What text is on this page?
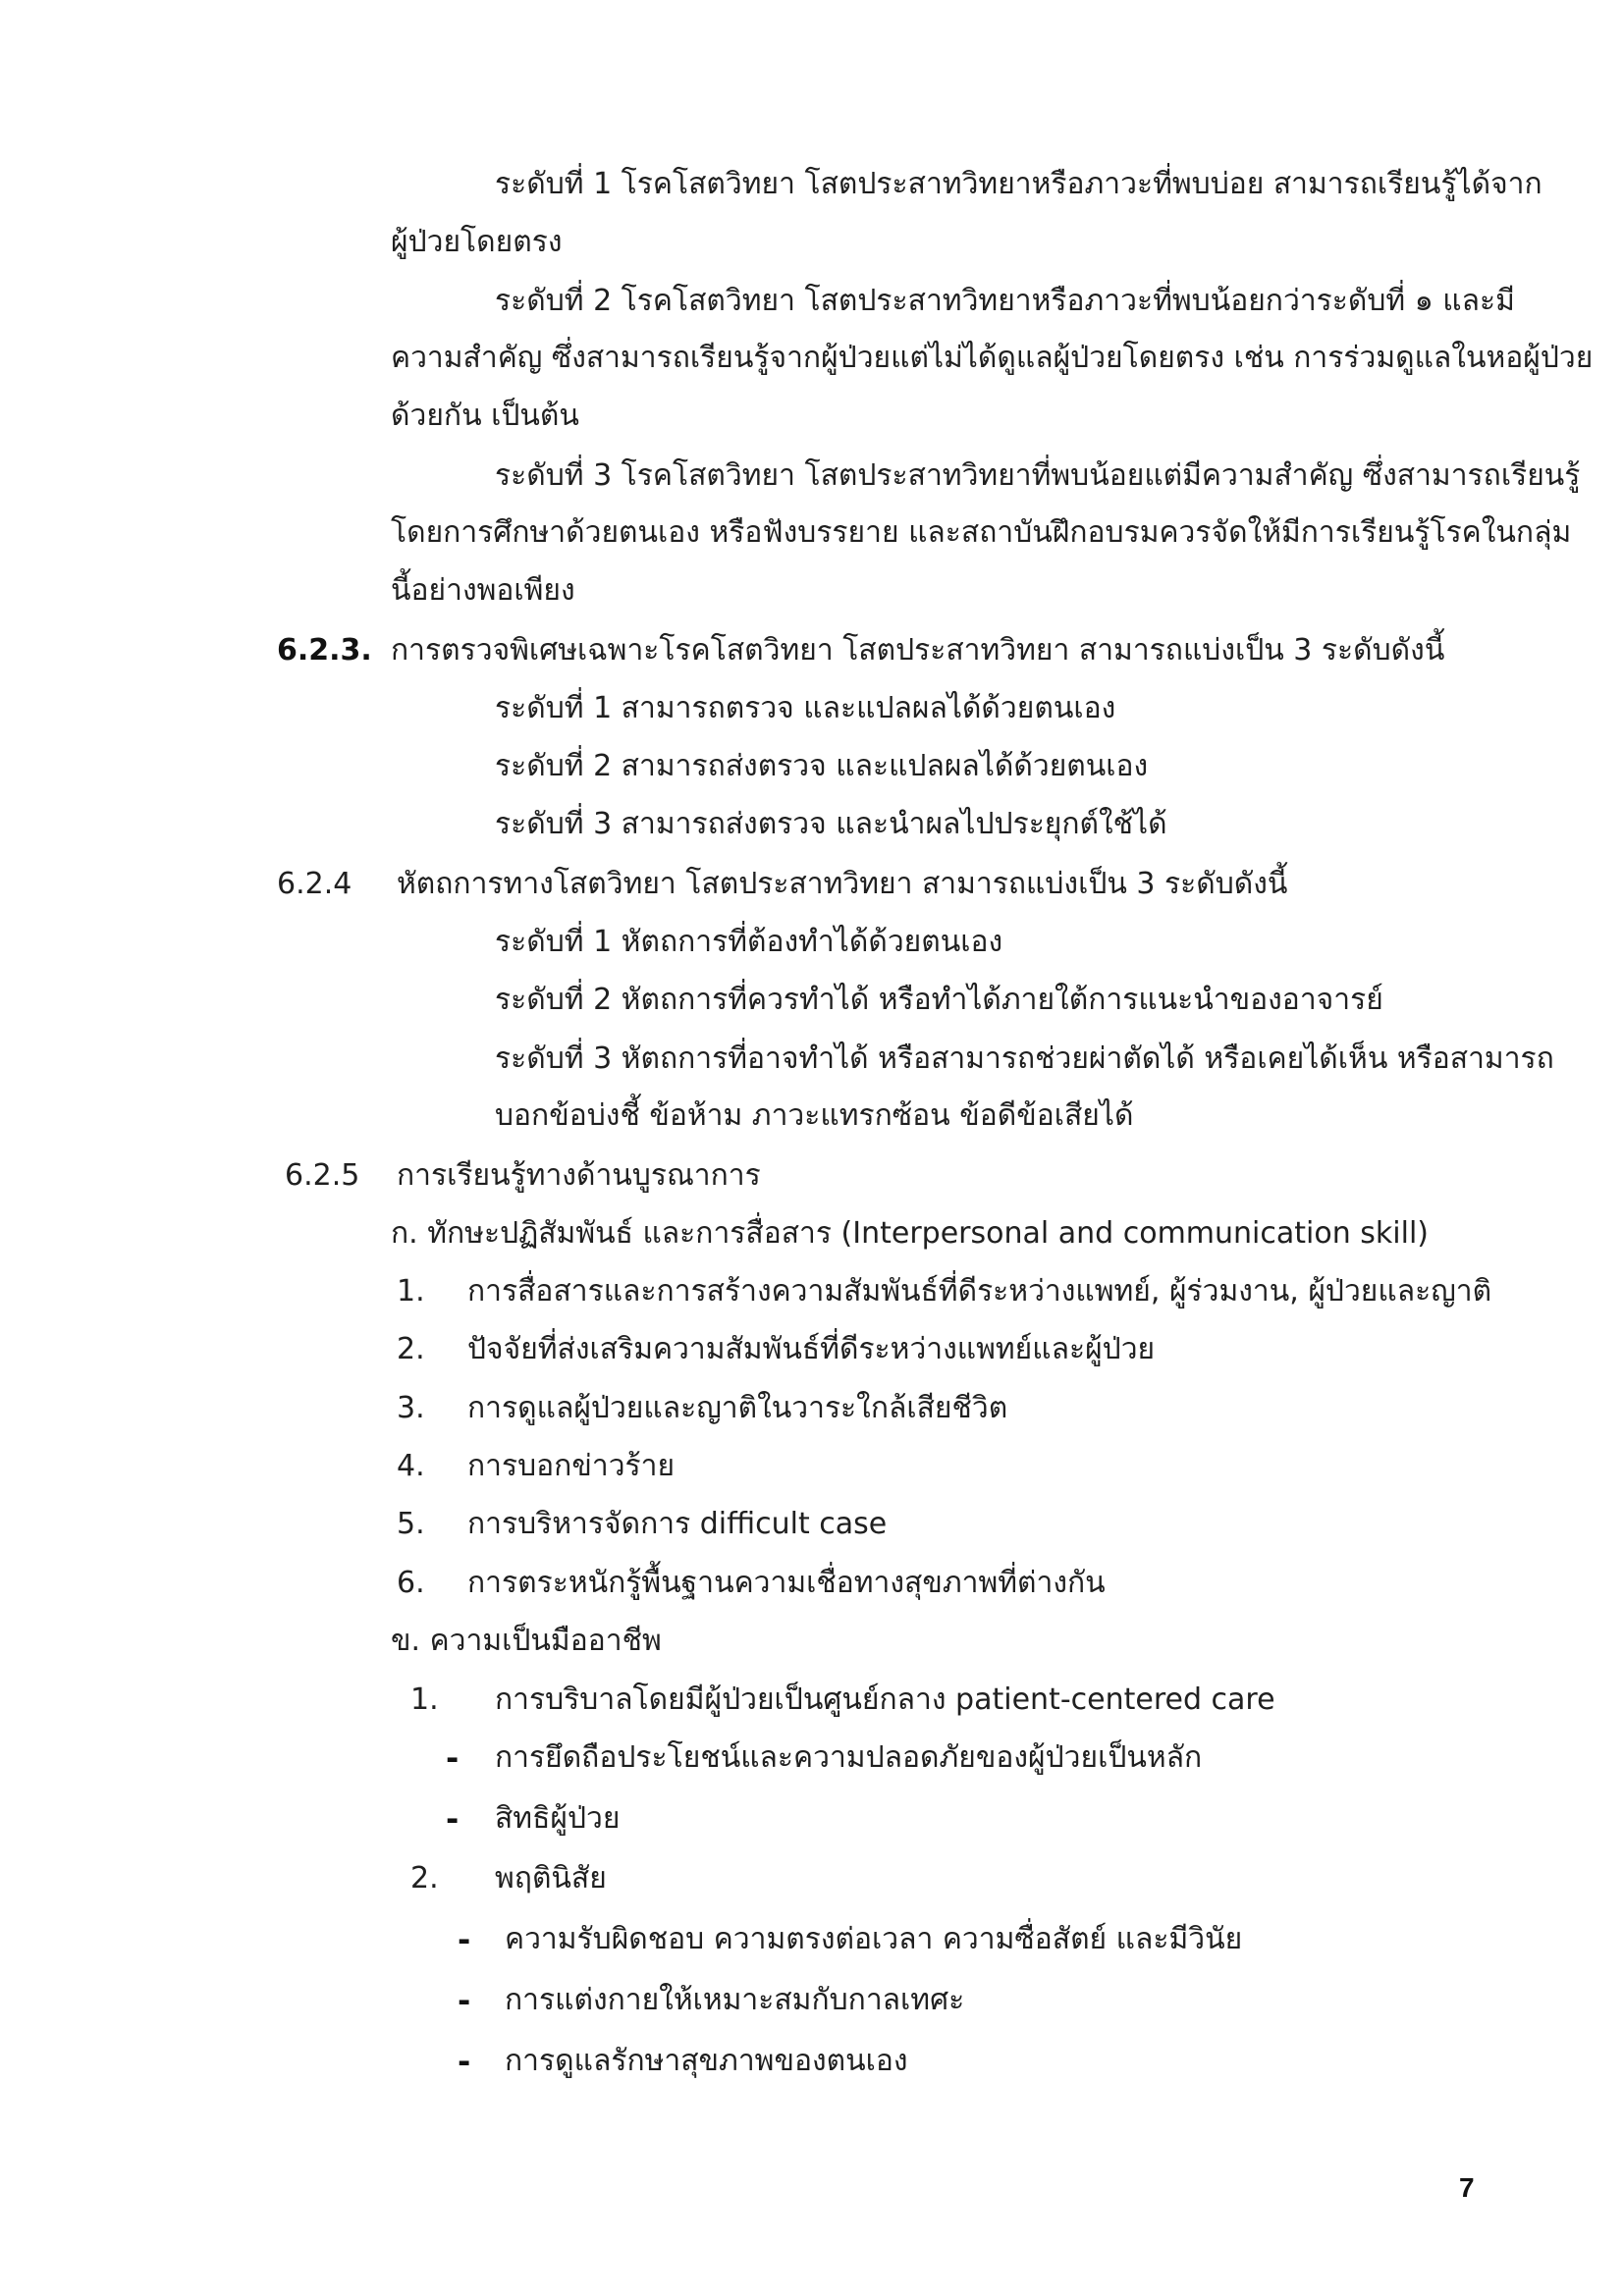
ระดับที่ 1 โรคโสตวิทยา โสตประสาทวิทยาหรือภาวะที่พบบ่อย สามารถเรียนรู้ได้จาก
ผู้ป่วยโดยตรง
ระดับที่ 2 โรคโสตวิทยา โสตประสาทวิทยาหรือภาวะที่พบน้อยกว่าระดับที่ ๑ และมี
ความสำคัญ ซึ่งสามารถเรียนรู้จากผู้ป่วยแต่ไม่ได้ดูแลผู้ป่วยโดยตรง เช่น การร่วมดูแลในหอผู้ป่วย
ด้วยกัน เป็นต้น
ระดับที่ 3 โรคโสตวิทยา โสตประสาทวิทยาที่พบน้อยแต่มีความสำคัญ ซึ่งสามารถเรียนรู้
โดยการศึกษาด้วยตนเอง หรือฟังบรรยาย และสถาบันฝึกอบรมควรจัดให้มีการเรียนรู้โรคในกลุ่ม
นี้อย่างพอเพียง
6.2.3. การตรวจพิเศษเฉพาะโรคโสตวิทยา โสตประสาทวิทยา สามารถแบ่งเป็น 3 ระดับดังนี้
ระดับที่ 1 สามารถตรวจ และแปลผลได้ด้วยตนเอง
ระดับที่ 2 สามารถส่งตรวจ และแปลผลได้ด้วยตนเอง
ระดับที่ 3 สามารถส่งตรวจ และนำผลไปประยุกต์ใช้ได้
6.2.4 หัตถการทางโสตวิทยา โสตประสาทวิทยา สามารถแบ่งเป็น 3 ระดับดังนี้
ระดับที่ 1 หัตถการที่ต้องทำได้ด้วยตนเอง
ระดับที่ 2 หัตถการที่ควรทำได้ หรือทำได้ภายใต้การแนะนำของอาจารย์
ระดับที่ 3 หัตถการที่อาจทำได้ หรือสามารถช่วยผ่าตัดได้ หรือเคยได้เห็น หรือสามารถ
บอกข้อบ่งชี้ ข้อห้าม ภาวะแทรกซ้อน ข้อดีข้อเสียได้
6.2.5 การเรียนรู้ทางด้านบูรณาการ
ก. ทักษะปฏิสัมพันธ์ และการสื่อสาร (Interpersonal and communication skill)
1. การสื่อสารและการสร้างความสัมพันธ์ที่ดีระหว่างแพทย์, ผู้ร่วมงาน, ผู้ป่วยและญาติ
2. ปัจจัยที่ส่งเสริมความสัมพันธ์ที่ดีระหว่างแพทย์และผู้ป่วย
3. การดูแลผู้ป่วยและญาติในวาระใกล้เสียชีวิต
4. การบอกข่าวร้าย
5. การบริหารจัดการ difficult case
6. การตระหนักรู้พื้นฐานความเชื่อทางสุขภาพที่ต่างกัน
ข. ความเป็นมืออาชีพ
1. การบริบาลโดยมีผู้ป่วยเป็นศูนย์กลาง patient-centered care
- การยึดถือประโยชน์และความปลอดภัยของผู้ป่วยเป็นหลัก
- สิทธิผู้ป่วย
2. พฤตินิสัย
- ความรับผิดชอบ ความตรงต่อเวลา ความซื่อสัตย์ และมีวินัย
- การแต่งกายให้เหมาะสมกับกาลเทศะ
- การดูแลรักษาสุขภาพของตนเอง
7
